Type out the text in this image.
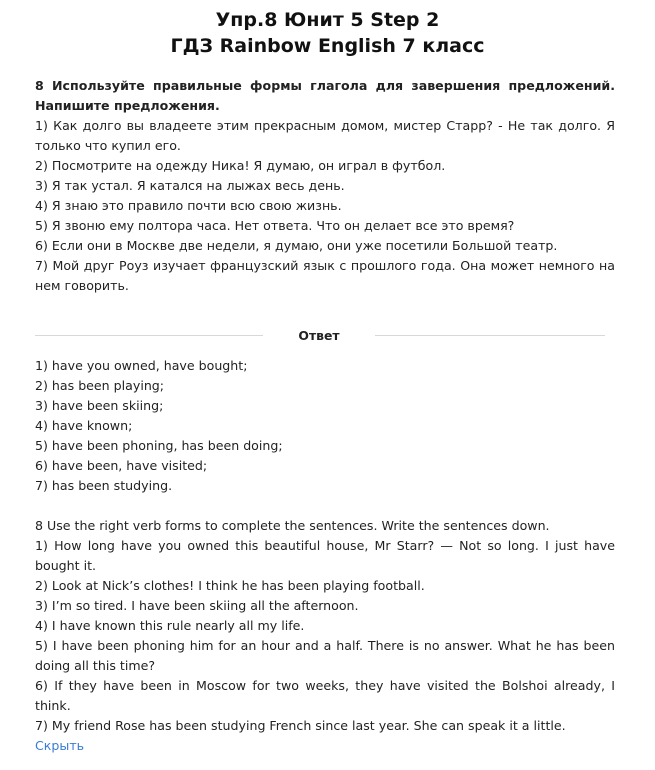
Упр.8 Юнит 5 Step 2
ГДЗ Rainbow English 7 класс
8 Используйте правильные формы глагола для завершения предложений. Напишите предложения.
1) Как долго вы владеете этим прекрасным домом, мистер Старр? - Не так долго. Я только что купил его.
2) Посмотрите на одежду Ника! Я думаю, он играл в футбол.
3) Я так устал. Я катался на лыжах весь день.
4) Я знаю это правило почти всю свою жизнь.
5) Я звоню ему полтора часа. Нет ответа. Что он делает все это время?
6) Если они в Москве две недели, я думаю, они уже посетили Большой театр.
7) Мой друг Роуз изучает французский язык с прошлого года. Она может немного на нем говорить.
Ответ
1) have you owned, have bought;
2) has been playing;
3) have been skiing;
4) have known;
5) have been phoning, has been doing;
6) have been, have visited;
7) has been studying.
8 Use the right verb forms to complete the sentences. Write the sentences down.
1) How long have you owned this beautiful house, Mr Starr? — Not so long. I just have bought it.
2) Look at Nick’s clothes! I think he has been playing football.
3) I’m so tired. I have been skiing all the afternoon.
4) I have known this rule nearly all my life.
5) I have been phoning him for an hour and a half. There is no answer. What he has been doing all this time?
6) If they have been in Moscow for two weeks, they have visited the Bolshoi already, I think.
7) My friend Rose has been studying French since last year. She can speak it a little.
Скрыть
